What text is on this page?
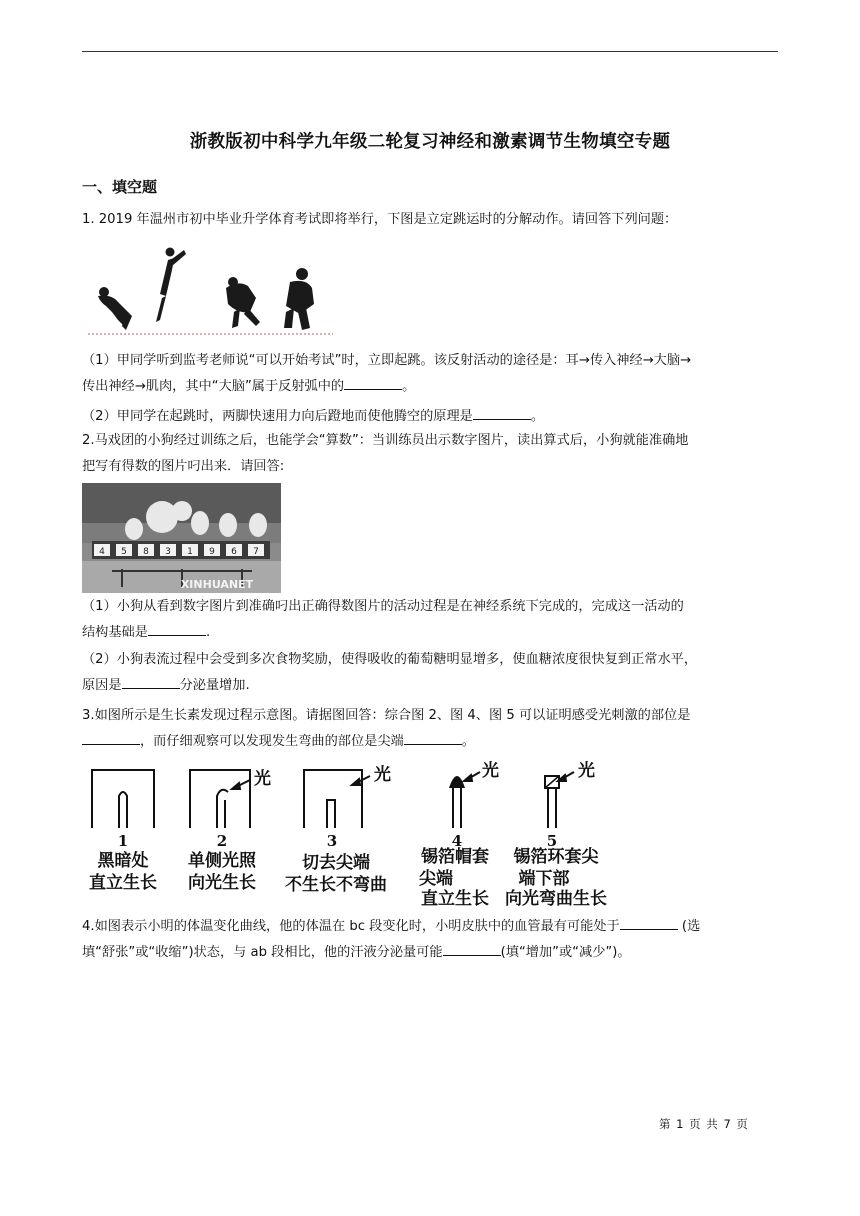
浙教版初中科学九年级二轮复习神经和激素调节生物填空专题
一、填空题
1. 2019 年温州市初中毕业升学体育考试即将举行，下图是立定跳运时的分解动作。请回答下列问题：
（1）甲同学听到监考老师说“可以开始考试”时，立即起跳。该反射活动的途径是：耳→传入神经→大脑→
传出神经→肌肉，其中“大脑”属于反射弧中的	。
（2）甲同学在起跳时，两脚快速用力向后蹬地而使他腾空的原理是	。
2.马戏团的小狗经过训练之后，也能学会“算数”：当训练员出示数字图片，读出算式后，小狗就能准确地
把写有得数的图片叼出来．请回答:
4 5 8 3 1 9 6 7
XINHUANET
（1）小狗从看到数字图片到准确叼出正确得数图片的活动过程是在神经系统下完成的，完成这一活动的
结构基础是	.
（2）小狗表流过程中会受到多次食物奖励，使得吸收的葡萄糖明显增多，使血糖浓度很快复到正常水平，
原因是	分泌量增加.
3.如图所示是生长素发现过程示意图。请据图回答：综合图 2、图 4、图 5 可以证明感受光刺激的部位是
，而仔细观察可以发现发生弯曲的部位是尖端	。
光	光	光	光
1	2	3	4	5
黑暗处
直立生长
单侧光照
向光生长
切去尖端
不生长不弯曲
锡箔帽套
尖端
直立生长
锡箔环套尖
端下部
向光弯曲生长
4.如图表示小明的体温变化曲线，他的体温在 bc 段变化时，小明皮肤中的血管最有可能处于	(选
填“舒张”或“收缩”)状态，与 ab 段相比，他的汗液分泌量可能	(填“增加”或“减少”)。
第 1 页 共 7 页
